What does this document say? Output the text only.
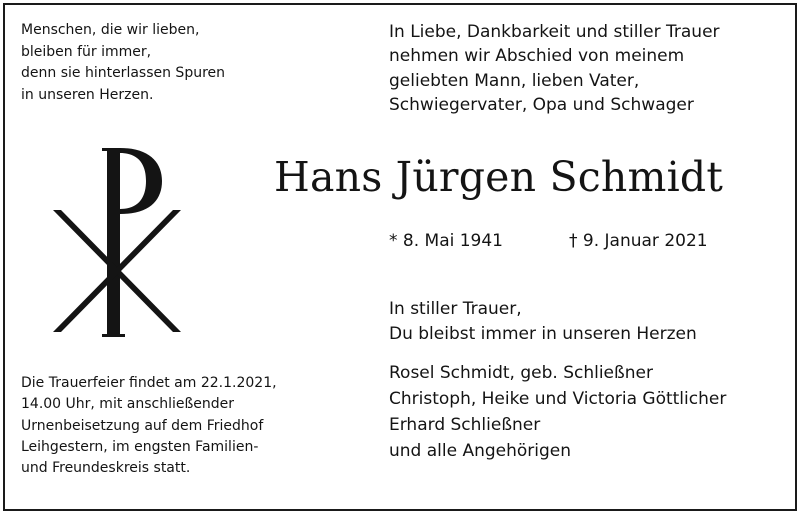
Menschen, die wir lieben,
bleiben für immer,
denn sie hinterlassen Spuren
in unseren Herzen.
In Liebe, Dankbarkeit und stiller Trauer
nehmen wir Abschied von meinem
geliebten Mann, lieben Vater,
Schwiegervater, Opa und Schwager
Hans Jürgen Schmidt
* 8. Mai 1941	† 9. Januar 2021
In stiller Trauer,
Du bleibst immer in unseren Herzen
Rosel Schmidt, geb. Schließner
Christoph, Heike und Victoria Göttlicher
Erhard Schließner
und alle Angehörigen
Die Trauerfeier findet am 22.1.2021,
14.00 Uhr, mit anschließender
Urnenbeisetzung auf dem Friedhof
Leihgestern, im engsten Familien-
und Freundeskreis statt.
